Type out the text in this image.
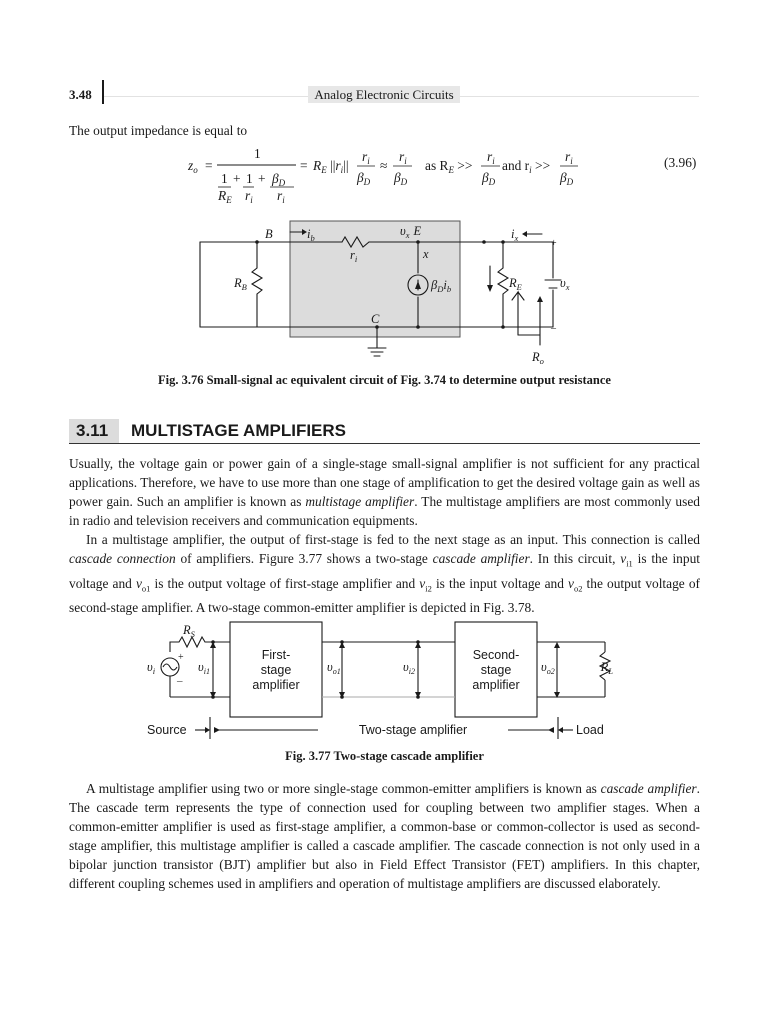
3.48	Analog Electronic Circuits
The output impedance is equal to
$z_o$ =
1
$1 + 1 + \beta_D$
$R_E$ $r_i$ $r_i$
= $R_E$ $||r_i||$
$r_i$
$\beta_D$
≈
$r_i$
$\beta_D$
as $R_E$ >>
$r_i$
$\beta_D$
and $r_i$ >>
$r_i$
$\beta_D$
(3.96)
B	$i_b$	$\upsilon_x$ E
$r_i$	x
$R_B$	$\beta_Di_b$	$R_E$
$i_x$
$\upsilon_x$
C
$R_o$
+
–
Fig. 3.76 Small-signal ac equivalent circuit of Fig. 3.74 to determine output resistance
3.11 MULTISTAGE AMPLIFIERS

Usually, the voltage gain or power gain of a single-stage small-signal amplifier is not sufficient for any practical applications. Therefore, we have to use more than one stage of amplification to get the desired voltage gain as well as power gain. Such an amplifier is known as multistage amplifier. The multistage amplifiers are most commonly used in radio and television receivers and communication equipments.

In a multistage amplifier, the output of first-stage is fed to the next stage as an input. This connection is called cascade connection of amplifiers. Figure 3.77 shows a two-stage cascade amplifier. In this circuit, $v_{i1}$ is the input voltage and $v_{o1}$ is the output voltage of first-stage amplifier and $v_{i2}$ is the input voltage and $v_{o2}$ the output voltage of second-stage amplifier. A two-stage common-emitter amplifier is depicted in Fig. 3.78.

$R_S$
$\upsilon_i$
+
–
$\upsilon_{i1}$
First-
stage
amplifier
$\upsilon_{o1}$	$\upsilon_{i2}$
Second-
stage
amplifier
$\upsilon_{o2}$	$R_L$
Source	Two-stage amplifier	Load
Fig. 3.77 Two-stage cascade amplifier

A multistage amplifier using two or more single-stage common-emitter amplifiers is known as cascade amplifier. The cascade term represents the type of connection used for coupling between two amplifier stages. When a common-emitter amplifier is used as first-stage amplifier, a common-base or common-collector is used as second-stage amplifier, this multistage amplifier is called a cascade amplifier. The cascade connection is not only used in a bipolar junction transistor (BJT) amplifier but also in Field Effect Transistor (FET) amplifiers. In this chapter, different coupling schemes used in amplifiers and operation of multistage amplifiers are discussed elaborately.
